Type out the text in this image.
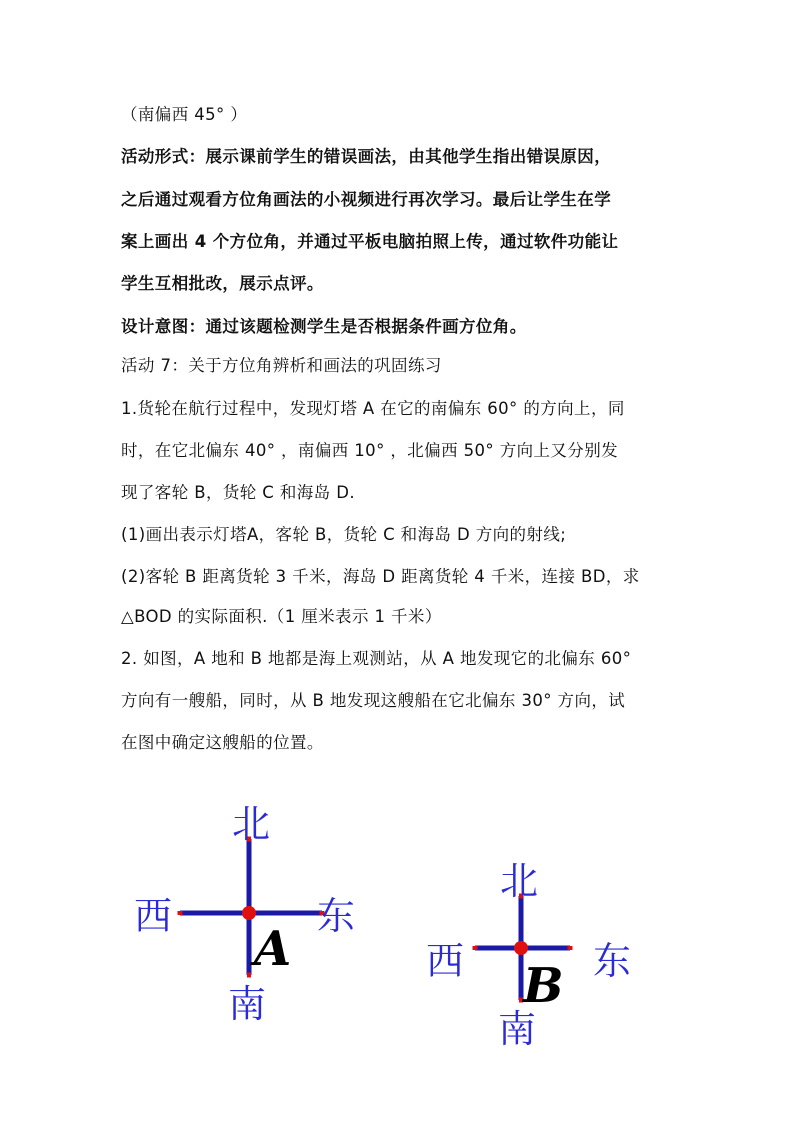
（南偏西 45° ）
活动形式：展示课前学生的错误画法，由其他学生指出错误原因，
之后通过观看方位角画法的小视频进行再次学习。最后让学生在学
案上画出 4 个方位角，并通过平板电脑拍照上传，通过软件功能让
学生互相批改，展示点评。
设计意图：通过该题检测学生是否根据条件画方位角。
活动 7：关于方位角辨析和画法的巩固练习
1.货轮在航行过程中，发现灯塔 A 在它的南偏东 60° 的方向上，同
时，在它北偏东 40° ，南偏西 10° ，北偏西 50° 方向上又分别发
现了客轮 B，货轮 C 和海岛 D.
(1)画出表示灯塔A，客轮 B，货轮 C 和海岛 D 方向的射线;
(2)客轮 B 距离货轮 3 千米，海岛 D 距离货轮 4 千米，连接 BD，求
△BOD 的实际面积.（1 厘米表示 1 千米）
2. 如图，A 地和 B 地都是海上观测站，从 A 地发现它的北偏东 60°
方向有一艘船，同时，从 B 地发现这艘船在它北偏东 30° 方向，试
在图中确定这艘船的位置。
北
西	东
南
A
北
西	东
南
B
